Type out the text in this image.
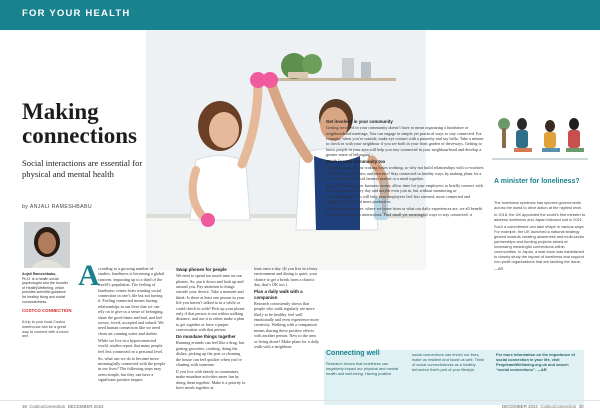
FOR YOUR HEALTH
Making
connections

Social interactions are essential for physical and mental health

by ANJALI RAMESHBABU
Anjali Rameshbabu,
Ph.D. is a health social psychologist and the founder of Health|Wellbeing, which provides scientific guidance for healthy living and social connectedness.
COSTCO CONNECTION
A trip to your local Costco warehouse can be a great way to connect with a loved one.
A

ccording to a growing number of studies, loneliness is becoming a global concern, impacting up to a third of the world’s population. The feeling of loneliness comes from wanting social connection in one’s life but not having it. Feeling connected means having relationships in our lives that we can rely on to give us a sense of belonging, share the good times and bad, and feel secure, loved, accepted and valued. We need human connection like we need clean air, running water and shelter.

While we live in a hyperconnected world, studies report that many people feel less connected on a personal level.

So, what can we do to become more meaningfully connected with the people in our lives? The following steps may seem simple, but they can have a significant positive impact.

Swap phones for people

We tend to spend too much time on our phones. So, put it down and look up and around you. Pay attention to things outside your device. Take a moment and think: Is there at least one person in your life you haven’t talked to in a while or could check in with? Pick up your phone only if that person is not within walking distance, and use it to either make a plan to get together or have a proper conversation with that person.

Do mundane things together

Running errands can feel like a drag, but getting groceries, cooking, doing the dishes, picking up the post or cleaning the house can feel quicker when you’re chatting with someone.

If you live with family or roommates, make mundane activities more fun by doing them together. Make it a priority to have meals together at

least once a day. (If you live in a busy environment and dining is quiet, your chance to get a break from a chaotic day, that’s OK too.)

Plan a daily walk with a companion

Research consistently shows that people who walk regularly are more likely to be healthy, feel well emotionally and even experience more creativity. Walking with a companion means sharing these positive effects with another person. New to the area or living alone? Make plans for a daily walk with a neighbour.

Get involved in your community

Getting involved in your community doesn’t have to mean organizing a fundraiser or neighbourhood meetings. You can engage in simple yet practical ways to stay connected. For example, when you’re outside, make eye contact with a passerby and say hello. Take a minute to check in with your neighbour if you see both in your front garden or driveways. Getting to know people in your area will help you stay connected in your neighbourhood and develop a greater sense of belonging.

Work is your community too

We spend many of our waking hours working, so why not build relationships with co-workers who share your hobbies and interests? Stay connected in healthy ways by making plans for a hike, a visit to the local farmers market or a meal together.

If you’re a manager or business owner, allow time for your employees to briefly connect with their co-workers every day and maybe even join in, but without monitoring or micromanaging. This will help your employees feel less stressed, more connected and engaged at work, and more productive.

No matter who we are, where we come from or what our daily experiences are, we all benefit from positive human interactions. Find small yet meaningful ways to stay connected; it

Connecting well
Research shows that loneliness can negatively impact our physical and mental health and well-being. Having positive
social connections can enrich our lives, make us resilient and boost us well. Think of social connectedness as a healthy behaviour that’s part of your lifestyle.
For more information on the importance of social connection in your life, visit PeopleandWellbeing.org.uk and search “social connections”. —AR
A minister for loneliness?

The loneliness epidemic has spurred governments across the world to drive action at the highest level.

In 2018, the UK appointed the world’s first minister to address loneliness and Japan followed suit in 2021.

Such a commitment can take shape in various ways. For example, the UK launched a national strategy geared towards creating awareness and multi-sector partnerships and funding projects aimed at increasing meaningful connections within communities. In Japan, a task force was established to closely study the impact of loneliness and support non-profit organizations that are tackling the issue.

—AR

38 CostcoConnection DECEMBER 2024	DECEMBER 2024 CostcoConnection 39
